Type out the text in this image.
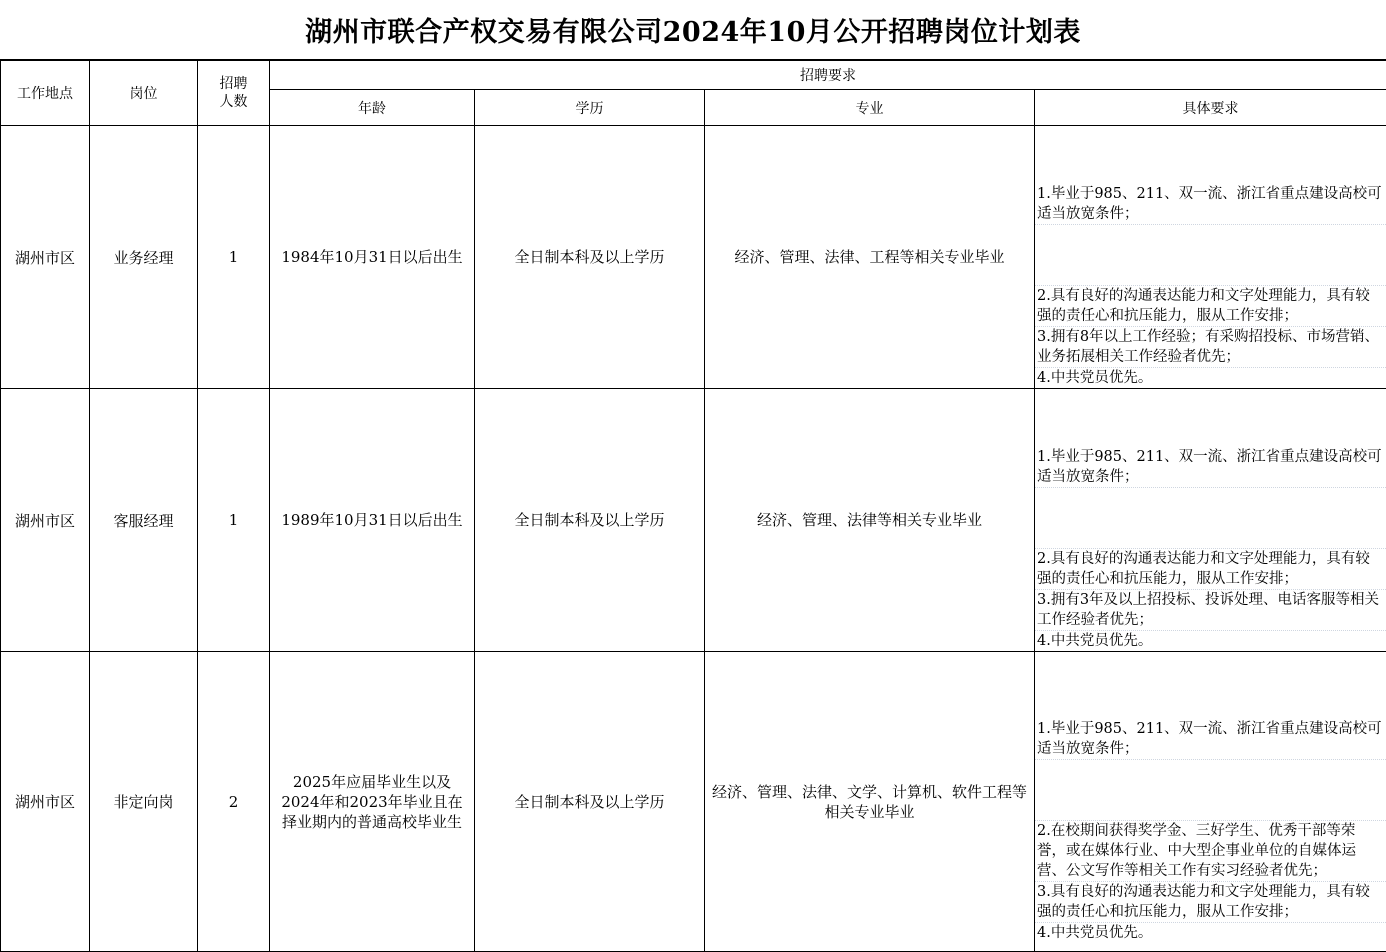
湖州市联合产权交易有限公司2024年10月公开招聘岗位计划表
工作地点	岗位	招聘人数	招聘要求			
			年龄	学历	专业	具体要求
湖州市区	业务经理	1	1984年10月31日以后出生	全日制本科及以上学历	经济、管理、法律、工程等相关专业毕业	1.毕业于985、211、双一流、浙江省重点建设高校可适当放宽条件；
2.具有良好的沟通表达能力和文字处理能力，具有较强的责任心和抗压能力，服从工作安排；
3.拥有8年以上工作经验；有采购招投标、市场营销、业务拓展相关工作经验者优先；
4.中共党员优先。

湖州市区	客服经理	1	1989年10月31日以后出生	全日制本科及以上学历	经济、管理、法律等相关专业毕业	1.毕业于985、211、双一流、浙江省重点建设高校可适当放宽条件；
2.具有良好的沟通表达能力和文字处理能力，具有较强的责任心和抗压能力，服从工作安排；
3.拥有3年及以上招投标、投诉处理、电话客服等相关工作经验者优先；
4.中共党员优先。

湖州市区	非定向岗	2	2025年应届毕业生以及2024年和2023年毕业且在择业期内的普通高校毕业生	全日制本科及以上学历	经济、管理、法律、文学、计算机、软件工程等相关专业毕业	1.毕业于985、211、双一流、浙江省重点建设高校可适当放宽条件；
2.在校期间获得奖学金、三好学生、优秀干部等荣誉，或在媒体行业、中大型企事业单位的自媒体运营、公文写作等相关工作有实习经验者优先；
3.具有良好的沟通表达能力和文字处理能力，具有较强的责任心和抗压能力，服从工作安排；
4.中共党员优先。
